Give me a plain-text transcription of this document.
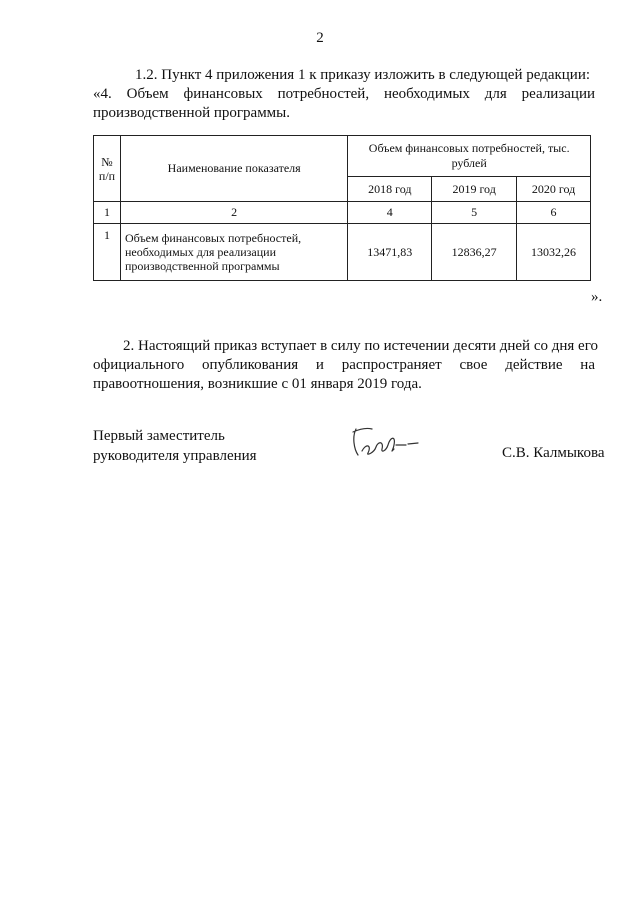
2
1.2. Пункт 4 приложения 1 к приказу изложить в следующей редакции:
«4. Объем финансовых потребностей, необходимых для реализации
производственной программы.
№ п/п	Наименование показателя	Объем финансовых потребностей, тыс. рублей		
		2018 год	2019 год	2020 год
1	2	4	5	6
1	Объем финансовых потребностей, необходимых для реализации производственной программы	13471,83	12836,27	13032,26
».
2. Настоящий приказ вступает в силу по истечении десяти дней со дня его
официального опубликования и распространяет свое действие на
правоотношения, возникшие с 01 января 2019 года.
Первый заместитель
руководителя управления	С.В. Калмыкова
